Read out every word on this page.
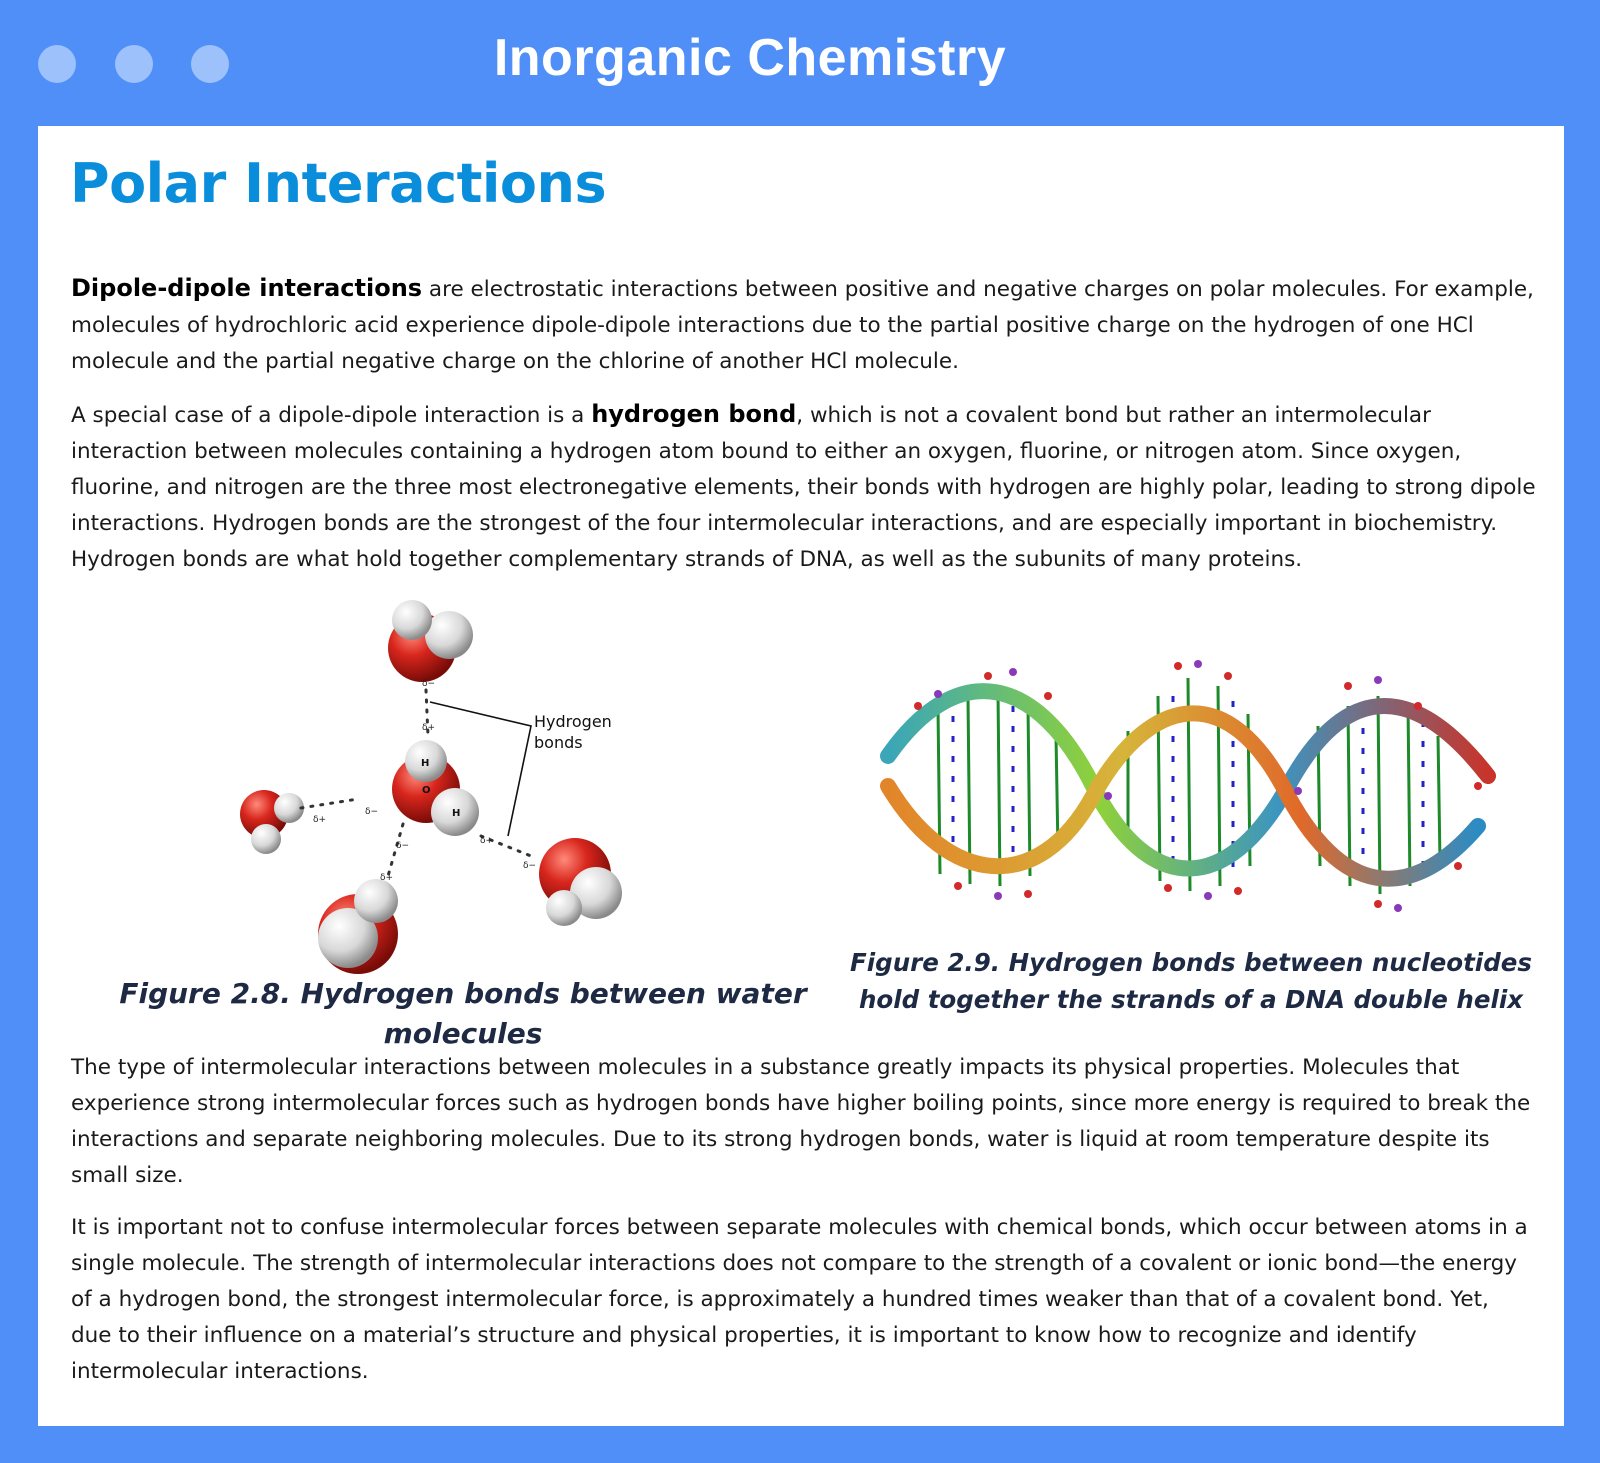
Inorganic Chemistry
Polar Interactions

Dipole-dipole interactions are electrostatic interactions between positive and negative charges on polar molecules. For example, molecules of hydrochloric acid experience dipole-dipole interactions due to the partial positive charge on the hydrogen of one HCl molecule and the partial negative charge on the chlorine of another HCl molecule.

A special case of a dipole-dipole interaction is a hydrogen bond, which is not a covalent bond but rather an intermolecular interaction between molecules containing a hydrogen atom bound to either an oxygen, fluorine, or nitrogen atom. Since oxygen, fluorine, and nitrogen are the three most electronegative elements, their bonds with hydrogen are highly polar, leading to strong dipole interactions. Hydrogen bonds are the strongest of the four intermolecular interactions, and are especially important in biochemistry. Hydrogen bonds are what hold together complementary strands of DNA, as well as the subunits of many proteins.

δ−
δ+
δ+
δ−
δ−
δ+
δ+
δ−
H
O
H
Hydrogen
bonds

Figure 2.8. Hydrogen bonds between water molecules

Figure 2.9. Hydrogen bonds between nucleotides hold together the strands of a DNA double helix

The type of intermolecular interactions between molecules in a substance greatly impacts its physical properties. Molecules that experience strong intermolecular forces such as hydrogen bonds have higher boiling points, since more energy is required to break the interactions and separate neighboring molecules. Due to its strong hydrogen bonds, water is liquid at room temperature despite its small size.

It is important not to confuse intermolecular forces between separate molecules with chemical bonds, which occur between atoms in a single molecule. The strength of intermolecular interactions does not compare to the strength of a covalent or ionic bond—the energy of a hydrogen bond, the strongest intermolecular force, is approximately a hundred times weaker than that of a covalent bond. Yet, due to their influence on a material’s structure and physical properties, it is important to know how to recognize and identify intermolecular interactions.
